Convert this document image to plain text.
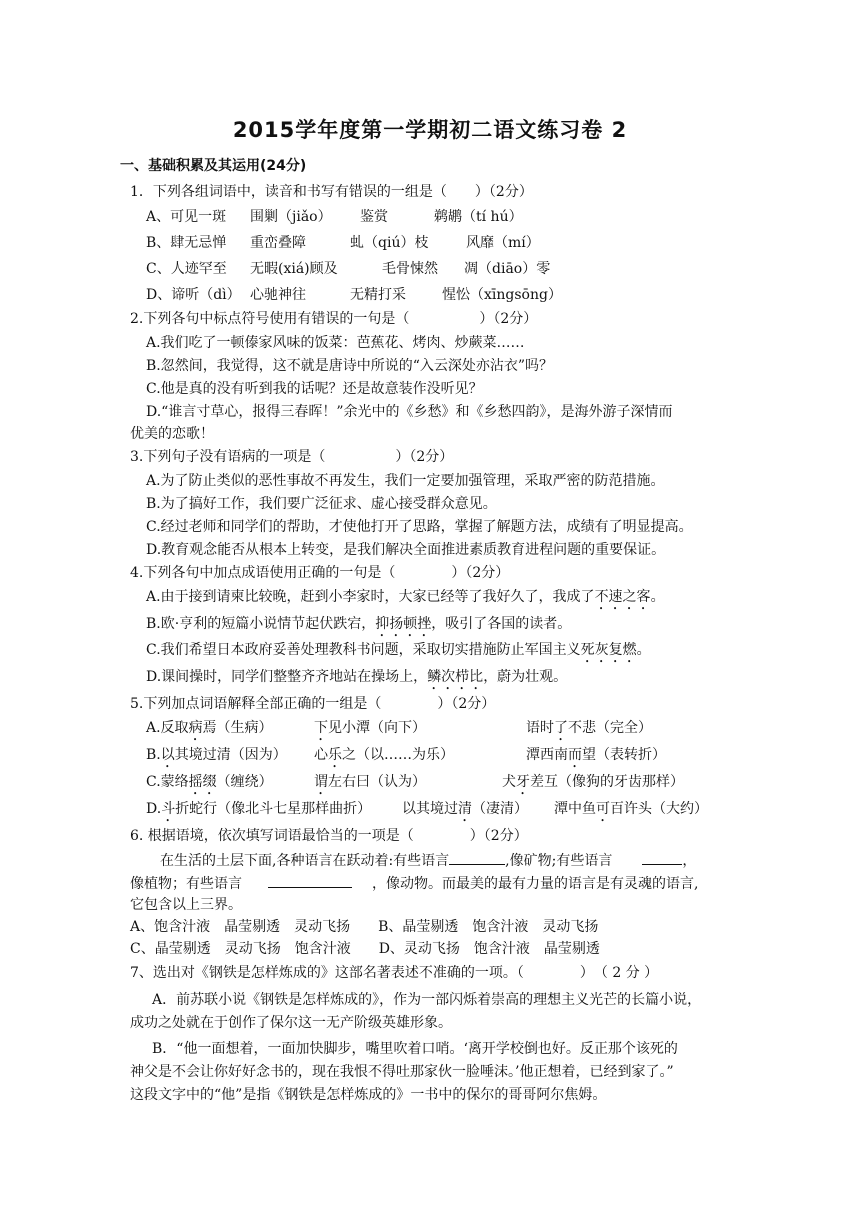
2015学年度第一学期初二语文练习卷 2
一、基础积累及其运用(24分)
1．下列各组词语中，读音和书写有错误的一组是（　　）（2分）
A、可见一斑 围剿（jiǎo） 鉴赏	鹈鹕（tí hú）
B、肆无忌惮 重峦叠障	虬（qiú）枝	风靡（mí）
C、人迹罕至 无暇(xiá)顾及	毛骨悚然 凋（diāo）零
D、谛听（dì） 心驰神往	无精打采	惺忪（xīngsōng）
2.下列各句中标点符号使用有错误的一句是（　　　　　）（2分）
A.我们吃了一顿傣家风味的饭菜：芭蕉花、烤肉、炒蕨菜……
B.忽然间，我觉得，这不就是唐诗中所说的“入云深处亦沾衣”吗？
C.他是真的没有听到我的话呢？还是故意装作没听见？
D.“谁言寸草心，报得三春晖！”余光中的《乡愁》和《乡愁四韵》，是海外游子深情而
优美的恋歌！
3.下列句子没有语病的一项是（　　　　　）（2分）
A.为了防止类似的恶性事故不再发生，我们一定要加强管理，采取严密的防范措施。
B.为了搞好工作，我们要广泛征求、虚心接受群众意见。
C.经过老师和同学们的帮助，才使他打开了思路，掌握了解题方法，成绩有了明显提高。
D.教育观念能否从根本上转变，是我们解决全面推进素质教育进程问题的重要保证。
4.下列各句中加点成语使用正确的一句是（　　　　）（2分）
A.由于接到请柬比较晚，赶到小李家时，大家已经等了我好久了，我成了不速之客。
B.欧·亨利的短篇小说情节起伏跌宕，抑扬顿挫，吸引了各国的读者。
C.我们希望日本政府妥善处理教科书问题，采取切实措施防止军国主义死灰复燃。
D.课间操时，同学们整整齐齐地站在操场上，鳞次栉比，蔚为壮观。
5.下列加点词语解释全部正确的一组是（　　　　）（2分）
A.反取病焉（生病）	下见小潭（向下）	语时了不悲（完全）
B.以其境过清（因为） 心乐之（以……为乐）	潭西南而望（表转折）
C.蒙络摇缀（缠绕）	谓左右曰（认为）	犬牙差互（像狗的牙齿那样）
D.斗折蛇行（像北斗七星那样曲折） 以其境过清（凄清） 潭中鱼可百许头（大约）
6. 根据语境，依次填写词语最恰当的一项是（　　　　）（2分）
在生活的土层下面,各种语言在跃动着:有些语言	,像矿物;有些语言	，
像植物；有些语言	，像动物。而最美的最有力量的语言是有灵魂的语言,
它包含以上三界。
A、饱含汁液　晶莹剔透　灵动飞扬　　B、晶莹剔透　饱含汁液　灵动飞扬
C、晶莹剔透　灵动飞扬　饱含汁液　　D、灵动飞扬　饱含汁液　晶莹剔透
7、选出对《钢铁是怎样炼成的》这部名著表述不准确的一项。（　　　　）　（ 2 分 ）
A．前苏联小说《钢铁是怎样炼成的》，作为一部闪烁着崇高的理想主义光芒的长篇小说，
成功之处就在于创作了保尔这一无产阶级英雄形象。
B．“他一面想着，一面加快脚步，嘴里吹着口哨。‘离开学校倒也好。反正那个该死的
神父是不会让你好好念书的，现在我恨不得吐那家伙一脸唾沫。’他正想着，已经到家了。”
这段文字中的“他”是指《钢铁是怎样炼成的》一书中的保尔的哥哥阿尔焦姆。
